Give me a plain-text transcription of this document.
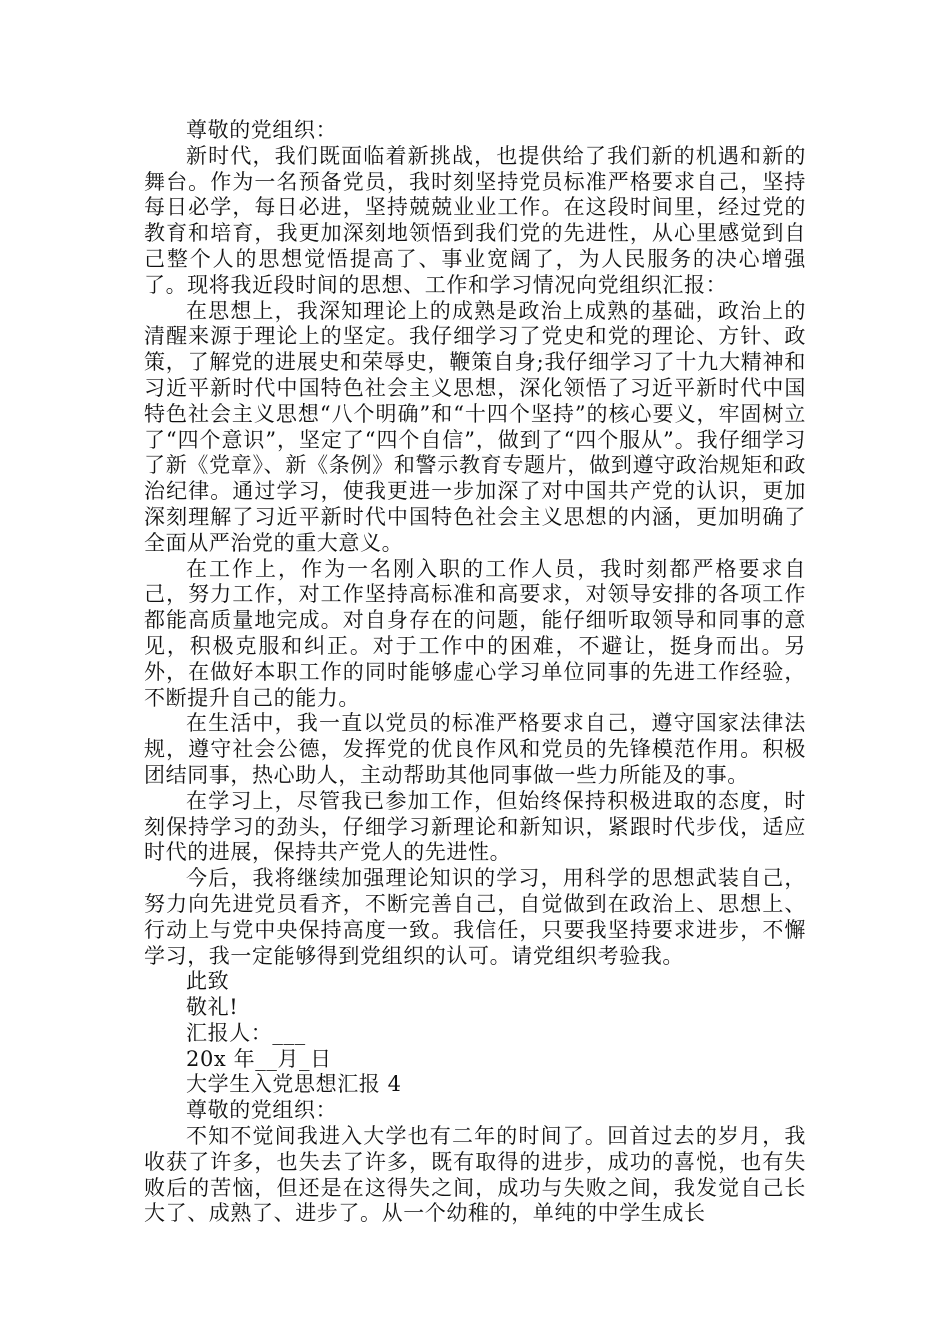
尊敬的党组织：

新时代，我们既面临着新挑战，也提供给了我们新的机遇和新的舞台。作为一名预备党员，我时刻坚持党员标准严格要求自己，坚持每日必学，每日必进，坚持兢兢业业工作。在这段时间里，经过党的教育和培育，我更加深刻地领悟到我们党的先进性，从心里感觉到自己整个人的思想觉悟提高了、事业宽阔了，为人民服务的决心增强了。现将我近段时间的思想、工作和学习情况向党组织汇报：

在思想上，我深知理论上的成熟是政治上成熟的基础，政治上的清醒来源于理论上的坚定。我仔细学习了党史和党的理论、方针、政策，了解党的进展史和荣辱史，鞭策自身;我仔细学习了十九大精神和习近平新时代中国特色社会主义思想，深化领悟了习近平新时代中国特色社会主义思想“八个明确”和“十四个坚持”的核心要义，牢固树立了“四个意识”，坚定了“四个自信”，做到了“四个服从”。我仔细学习了新《党章》、新《条例》和警示教育专题片，做到遵守政治规矩和政治纪律。通过学习，使我更进一步加深了对中国共产党的认识，更加深刻理解了习近平新时代中国特色社会主义思想的内涵，更加明确了全面从严治党的重大意义。

在工作上，作为一名刚入职的工作人员，我时刻都严格要求自己，努力工作，对工作坚持高标准和高要求，对领导安排的各项工作都能高质量地完成。对自身存在的问题，能仔细听取领导和同事的意见，积极克服和纠正。对于工作中的困难，不避让，挺身而出。另外，在做好本职工作的同时能够虚心学习单位同事的先进工作经验，不断提升自己的能力。

在生活中，我一直以党员的标准严格要求自己，遵守国家法律法规，遵守社会公德，发挥党的优良作风和党员的先锋模范作用。积极团结同事，热心助人，主动帮助其他同事做一些力所能及的事。

在学习上，尽管我已参加工作，但始终保持积极进取的态度，时刻保持学习的劲头，仔细学习新理论和新知识，紧跟时代步伐，适应时代的进展，保持共产党人的先进性。

今后，我将继续加强理论知识的学习，用科学的思想武装自己，努力向先进党员看齐，不断完善自己，自觉做到在政治上、思想上、行动上与党中央保持高度一致。我信任，只要我坚持要求进步，不懈学习，我一定能够得到党组织的认可。请党组织考验我。

此致

敬礼!

汇报人：___

20x 年__月_日

大学生入党思想汇报 4

尊敬的党组织：

不知不觉间我进入大学也有二年的时间了。回首过去的岁月，我收获了许多，也失去了许多，既有取得的进步，成功的喜悦，也有失败后的苦恼，但还是在这得失之间，成功与失败之间，我发觉自己长大了、成熟了、进步了。从一个幼稚的，单纯的中学生成长
